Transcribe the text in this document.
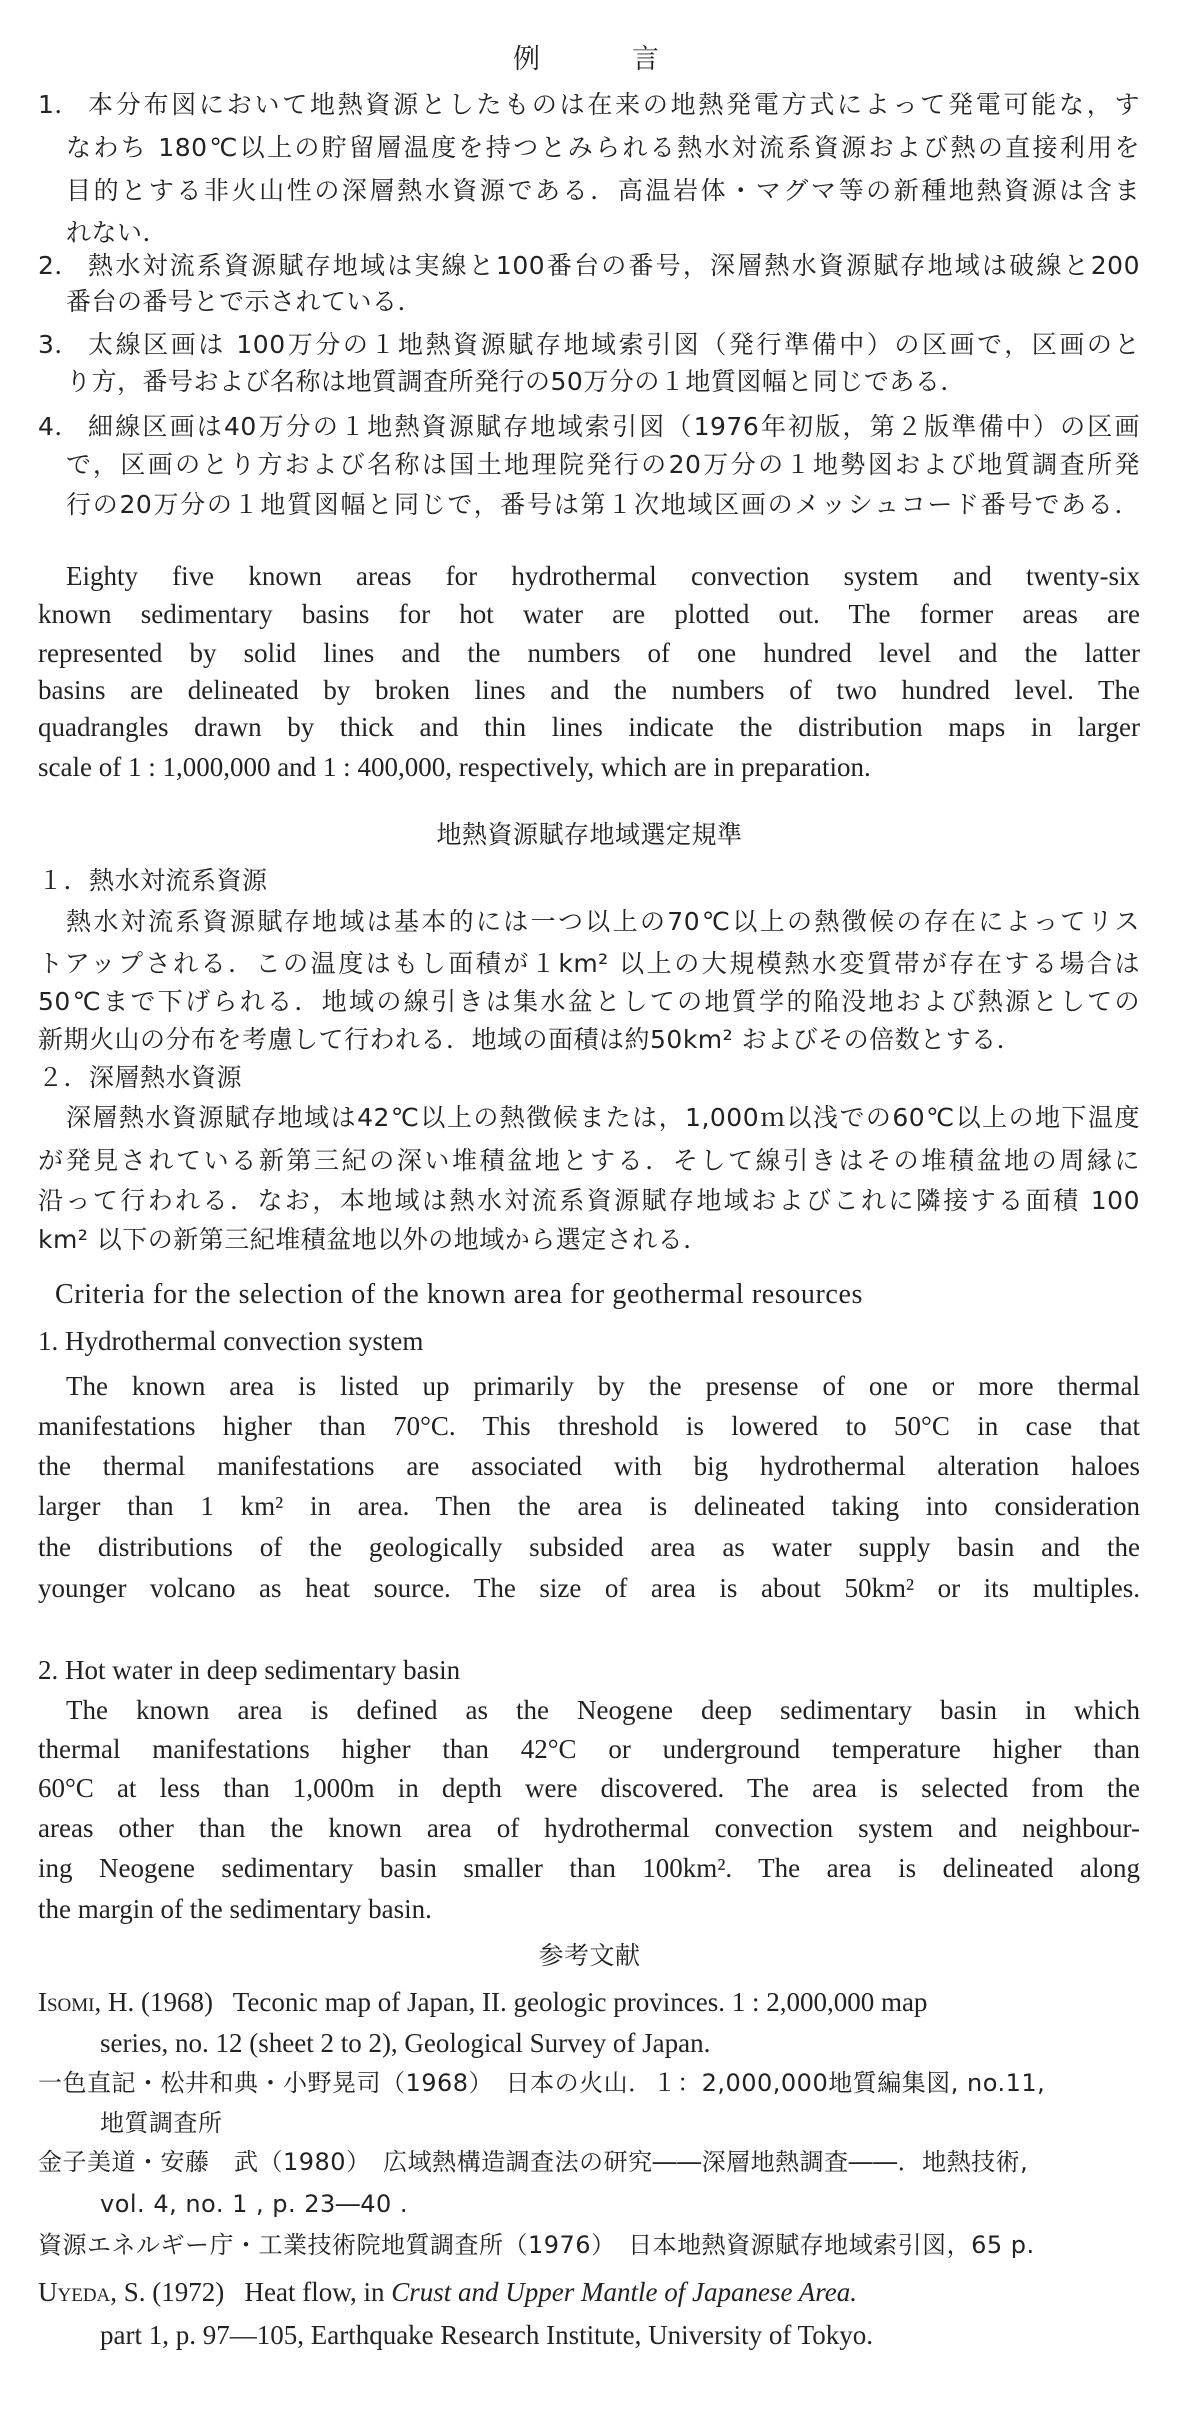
例	言
1． 本分布図において地熱資源としたものは在来の地熱発電方式によって発電可能な，す
なわち 180℃以上の貯留層温度を持つとみられる熱水対流系資源および熱の直接利用を
目的とする非火山性の深層熱水資源である．高温岩体・マグマ等の新種地熱資源は含ま
れない．
2． 熱水対流系資源賦存地域は実線と100番台の番号，深層熱水資源賦存地域は破線と200
番台の番号とで示されている．
3． 太線区画は 100万分の１地熱資源賦存地域索引図（発行準備中）の区画で，区画のと
り方，番号および名称は地質調査所発行の50万分の１地質図幅と同じである．
4． 細線区画は40万分の１地熱資源賦存地域索引図（1976年初版，第２版準備中）の区画
で，区画のとり方および名称は国土地理院発行の20万分の１地勢図および地質調査所発
行の20万分の１地質図幅と同じで，番号は第１次地域区画のメッシュコード番号である．
Eighty five known areas for hydrothermal convection system and twenty-six
known sedimentary basins for hot water are plotted out. The former areas are
represented by solid lines and the numbers of one hundred level and the latter
basins are delineated by broken lines and the numbers of two hundred level. The
quadrangles drawn by thick and thin lines indicate the distribution maps in larger
scale of 1 : 1,000,000 and 1 : 400,000, respectively, which are in preparation.
地熱資源賦存地域選定規準
１．熱水対流系資源
熱水対流系資源賦存地域は基本的には一つ以上の70℃以上の熱徴候の存在によってリス
トアップされる．この温度はもし面積が１km² 以上の大規模熱水変質帯が存在する場合は
50℃まで下げられる．地域の線引きは集水盆としての地質学的陥没地および熱源としての
新期火山の分布を考慮して行われる．地域の面積は約50km² およびその倍数とする．
２．深層熱水資源
深層熱水資源賦存地域は42℃以上の熱徴候または，1,000ｍ以浅での60℃以上の地下温度
が発見されている新第三紀の深い堆積盆地とする．そして線引きはその堆積盆地の周縁に
沿って行われる．なお，本地域は熱水対流系資源賦存地域およびこれに隣接する面積 100
km² 以下の新第三紀堆積盆地以外の地域から選定される．
Criteria for the selection of the known area for geothermal resources
1. Hydrothermal convection system
The known area is listed up primarily by the presense of one or more thermal
manifestations higher than 70°C. This threshold is lowered to 50°C in case that
the thermal manifestations are associated with big hydrothermal alteration haloes
larger than 1 km² in area. Then the area is delineated taking into consideration
the distributions of the geologically subsided area as water supply basin and the
younger volcano as heat source. The size of area is about 50km² or its multiples.
2. Hot water in deep sedimentary basin
The known area is defined as the Neogene deep sedimentary basin in which
thermal manifestations higher than 42°C or underground temperature higher than
60°C at less than 1,000m in depth were discovered. The area is selected from the
areas other than the known area of hydrothermal convection system and neighbour-
ing Neogene sedimentary basin smaller than 100km². The area is delineated along
the margin of the sedimentary basin.
参考文献
Isomi, H. (1968) Teconic map of Japan, II. geologic provinces. 1 : 2,000,000 map
series, no. 12 (sheet 2 to 2), Geological Survey of Japan.
一色直記・松井和典・小野晃司（1968）　日本の火山．１：2,000,000地質編集図, no.11,
地質調査所
金子美道・安藤　武（1980）　広域熱構造調査法の研究――深層地熱調査――．地熱技術,
vol. 4, no. 1 , p. 23―40 .
資源エネルギー庁・工業技術院地質調査所（1976）　日本地熱資源賦存地域索引図，65 p.
Uyeda, S. (1972) Heat flow, in Crust and Upper Mantle of Japanese Area.
part 1, p. 97―105, Earthquake Research Institute, University of Tokyo.
